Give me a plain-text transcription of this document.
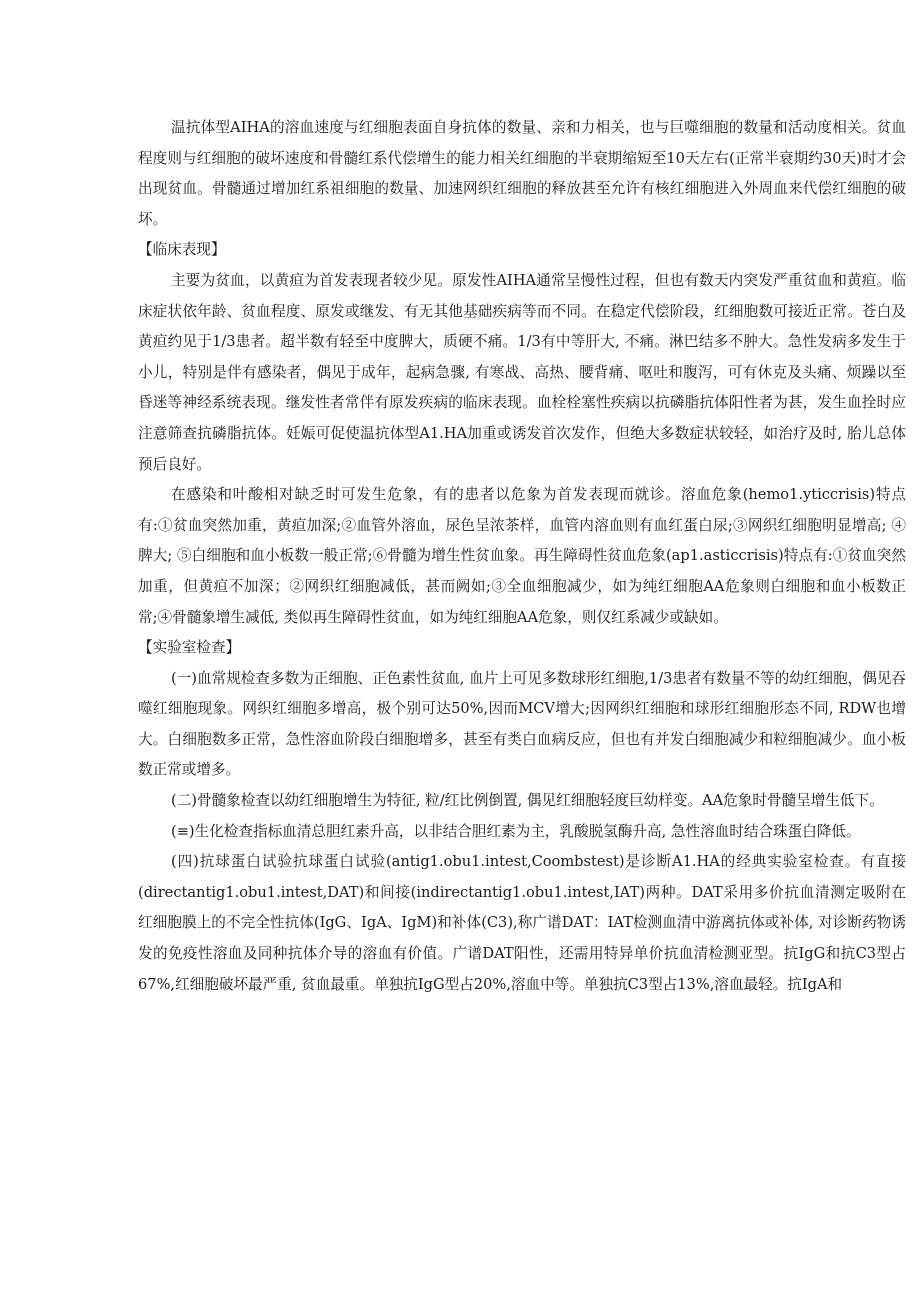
温抗体型AIHA的溶血速度与红细胞表面自身抗体的数量、亲和力相关，也与巨噬细胞的数量和活动度相关。贫血程度则与红细胞的破坏速度和骨髓红系代偿增生的能力相关红细胞的半衰期缩短至10天左右(正常半衰期约30天)时才会出现贫血。骨髓通过增加红系祖细胞的数量、加速网织红细胞的释放甚至允许有核红细胞进入外周血来代偿红细胞的破坏。

【临床表现】

主要为贫血，以黄疸为首发表现者较少见。原发性AIHA通常呈慢性过程，但也有数天内突发严重贫血和黄疸。临床症状依年龄、贫血程度、原发或继发、有无其他基础疾病等而不同。在稳定代偿阶段，红细胞数可接近正常。苍白及黄疸约见于1/3患者。超半数有轻至中度脾大，质硬不痛。1/3有中等肝大, 不痛。淋巴结多不肿大。急性发病多发生于小儿，特别是伴有感染者，偶见于成年，起病急骤, 有寒战、高热、腰背痛、呕吐和腹泻，可有休克及头痛、烦躁以至昏迷等神经系统表现。继发性者常伴有原发疾病的临床表现。血栓栓塞性疾病以抗磷脂抗体阳性者为甚，发生血拴时应注意筛查抗磷脂抗体。妊娠可促使温抗体型A1.HA加重或诱发首次发作，但绝大多数症状较轻，如治疗及时, 胎儿总体预后良好。

在感染和叶酸相对缺乏时可发生危象，有的患者以危象为首发表现而就诊。溶血危象(hemo1.yticcrisis)特点有:①贫血突然加重，黄疸加深;②血管外溶血，尿色呈浓茶样，血管内溶血则有血红蛋白尿;③网织红细胞明显增高; ④脾大; ⑤白细胞和血小板数一般正常;⑥骨髓为增生性贫血象。再生障碍性贫血危象(ap1.asticcrisis)特点有:①贫血突然加重，但黄疸不加深；②网织红细胞减低，甚而阙如;③全血细胞减少，如为纯红细胞AA危象则白细胞和血小板数正常;④骨髓象增生减低, 类似再生障碍性贫血，如为纯红细胞AA危象，则仅红系减少或缺如。

【实验室检查】

(一)血常规检查多数为正细胞、正色素性贫血, 血片上可见多数球形红细胞,1/3患者有数量不等的幼红细胞，偶见吞噬红细胞现象。网织红细胞多增高，极个别可达50%,因而MCV增大;因网织红细胞和球形红细胞形态不同, RDW也增大。白细胞数多正常，急性溶血阶段白细胞增多，甚至有类白血病反应，但也有并发白细胞减少和粒细胞减少。血小板数正常或增多。

(二)骨髓象检查以幼红细胞增生为特征, 粒/红比例倒置, 偶见红细胞轻度巨幼样变。AA危象时骨髓呈增生低下。

(≡)生化检查指标血清总胆红素升高，以非结合胆红素为主，乳酸脱氢酶升高, 急性溶血时结合珠蛋白降低。

(四)抗球蛋白试验抗球蛋白试验(antig1.obu1.intest,Coombstest)是诊断A1.HA的经典实验室检查。有直接(directantig1.obu1.intest,DAT)和间接(indirectantig1.obu1.intest,IAT)两种。DAT采用多价抗血清测定吸附在红细胞膜上的不完全性抗体(IgG、IgA、IgM)和补体(C3),称广谱DAT：IAT检测血清中游离抗体或补体, 对诊断药物诱发的免疫性溶血及同种抗体介导的溶血有价值。广谱DAT阳性，还需用特异单价抗血清检测亚型。抗IgG和抗C3型占67%,红细胞破坏最严重, 贫血最重。单独抗IgG型占20%,溶血中等。单独抗C3型占13%,溶血最轻。抗IgA和
